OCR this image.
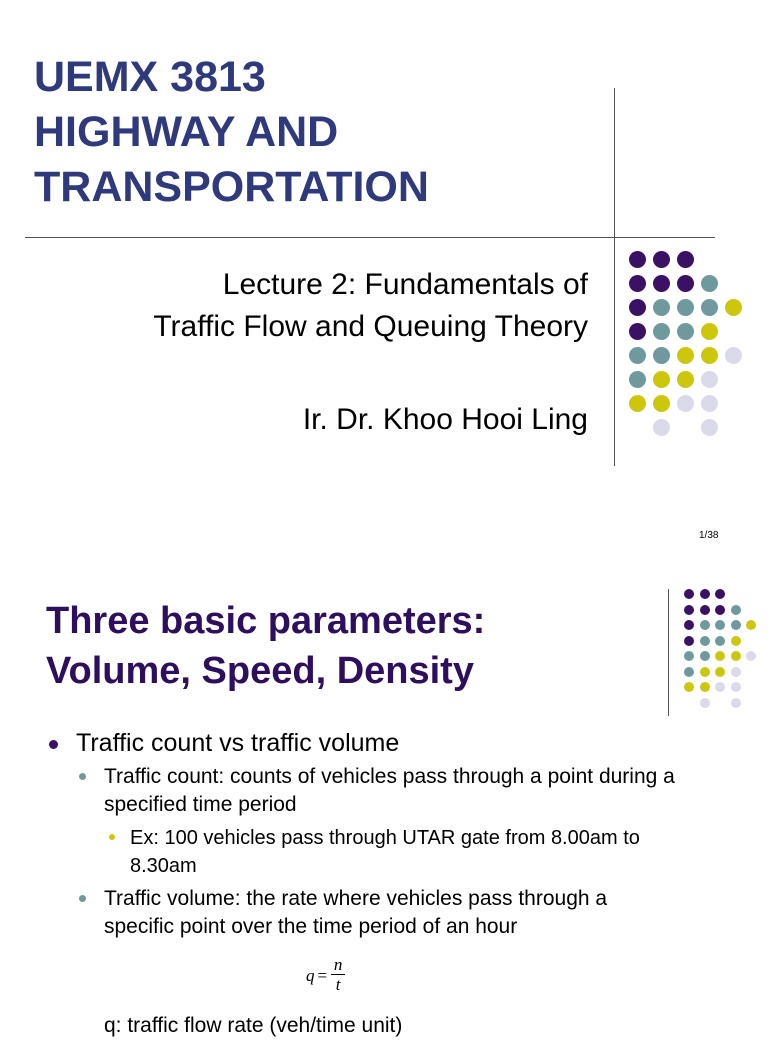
UEMX 3813
HIGHWAY AND
TRANSPORTATION
Lecture 2: Fundamentals of
Traffic Flow and Queuing Theory
Ir. Dr. Khoo Hooi Ling
1/38
Three basic parameters:
Volume, Speed, Density
Traffic count vs traffic volume
Traffic count: counts of vehicles pass through a point during a
specified time period
Ex: 100 vehicles pass through UTAR gate from 8.00am to
8.30am
Traffic volume: the rate where vehicles pass through a
specific point over the time period of an hour
$q = \frac{n}{t}$
q: traffic flow rate (veh/time unit)
